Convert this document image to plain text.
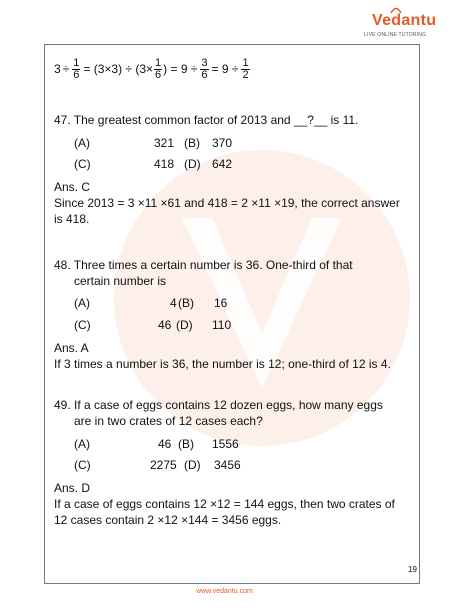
Vedantu
LIVE ONLINE TUTORING
$3 \div \frac{1}{6} = (3\times 3) \div (3\times \frac{1}{6}$ ) = $9 \div \frac{3}{6} = 9 \div \frac{1}{2}$
47. The greatest common factor of 2013 and __?__ is 11.
(A)	321 (B) 370
(C)	418 (D) 642
Ans. C
Since 2013 = 3 ×11 ×61 and 418 = 2 ×11 ×19, the correct answer
is 418.
48. Three times a certain number is 36. One-third of that
certain number is
(A)	4 (B) 16
(C)	46 (D) 110
Ans. A
If 3 times a number is 36, the number is 12; one-third of 12 is 4.
49. If a case of eggs contains 12 dozen eggs, how many eggs
are in two crates of 12 cases each?
(A)	46 (B) 1556
(C)	2275 (D) 3456
Ans. D
If a case of eggs contains 12 ×12 = 144 eggs, then two crates of
12 cases contain 2 ×12 ×144 = 3456 eggs.
19
www.vedantu.com
